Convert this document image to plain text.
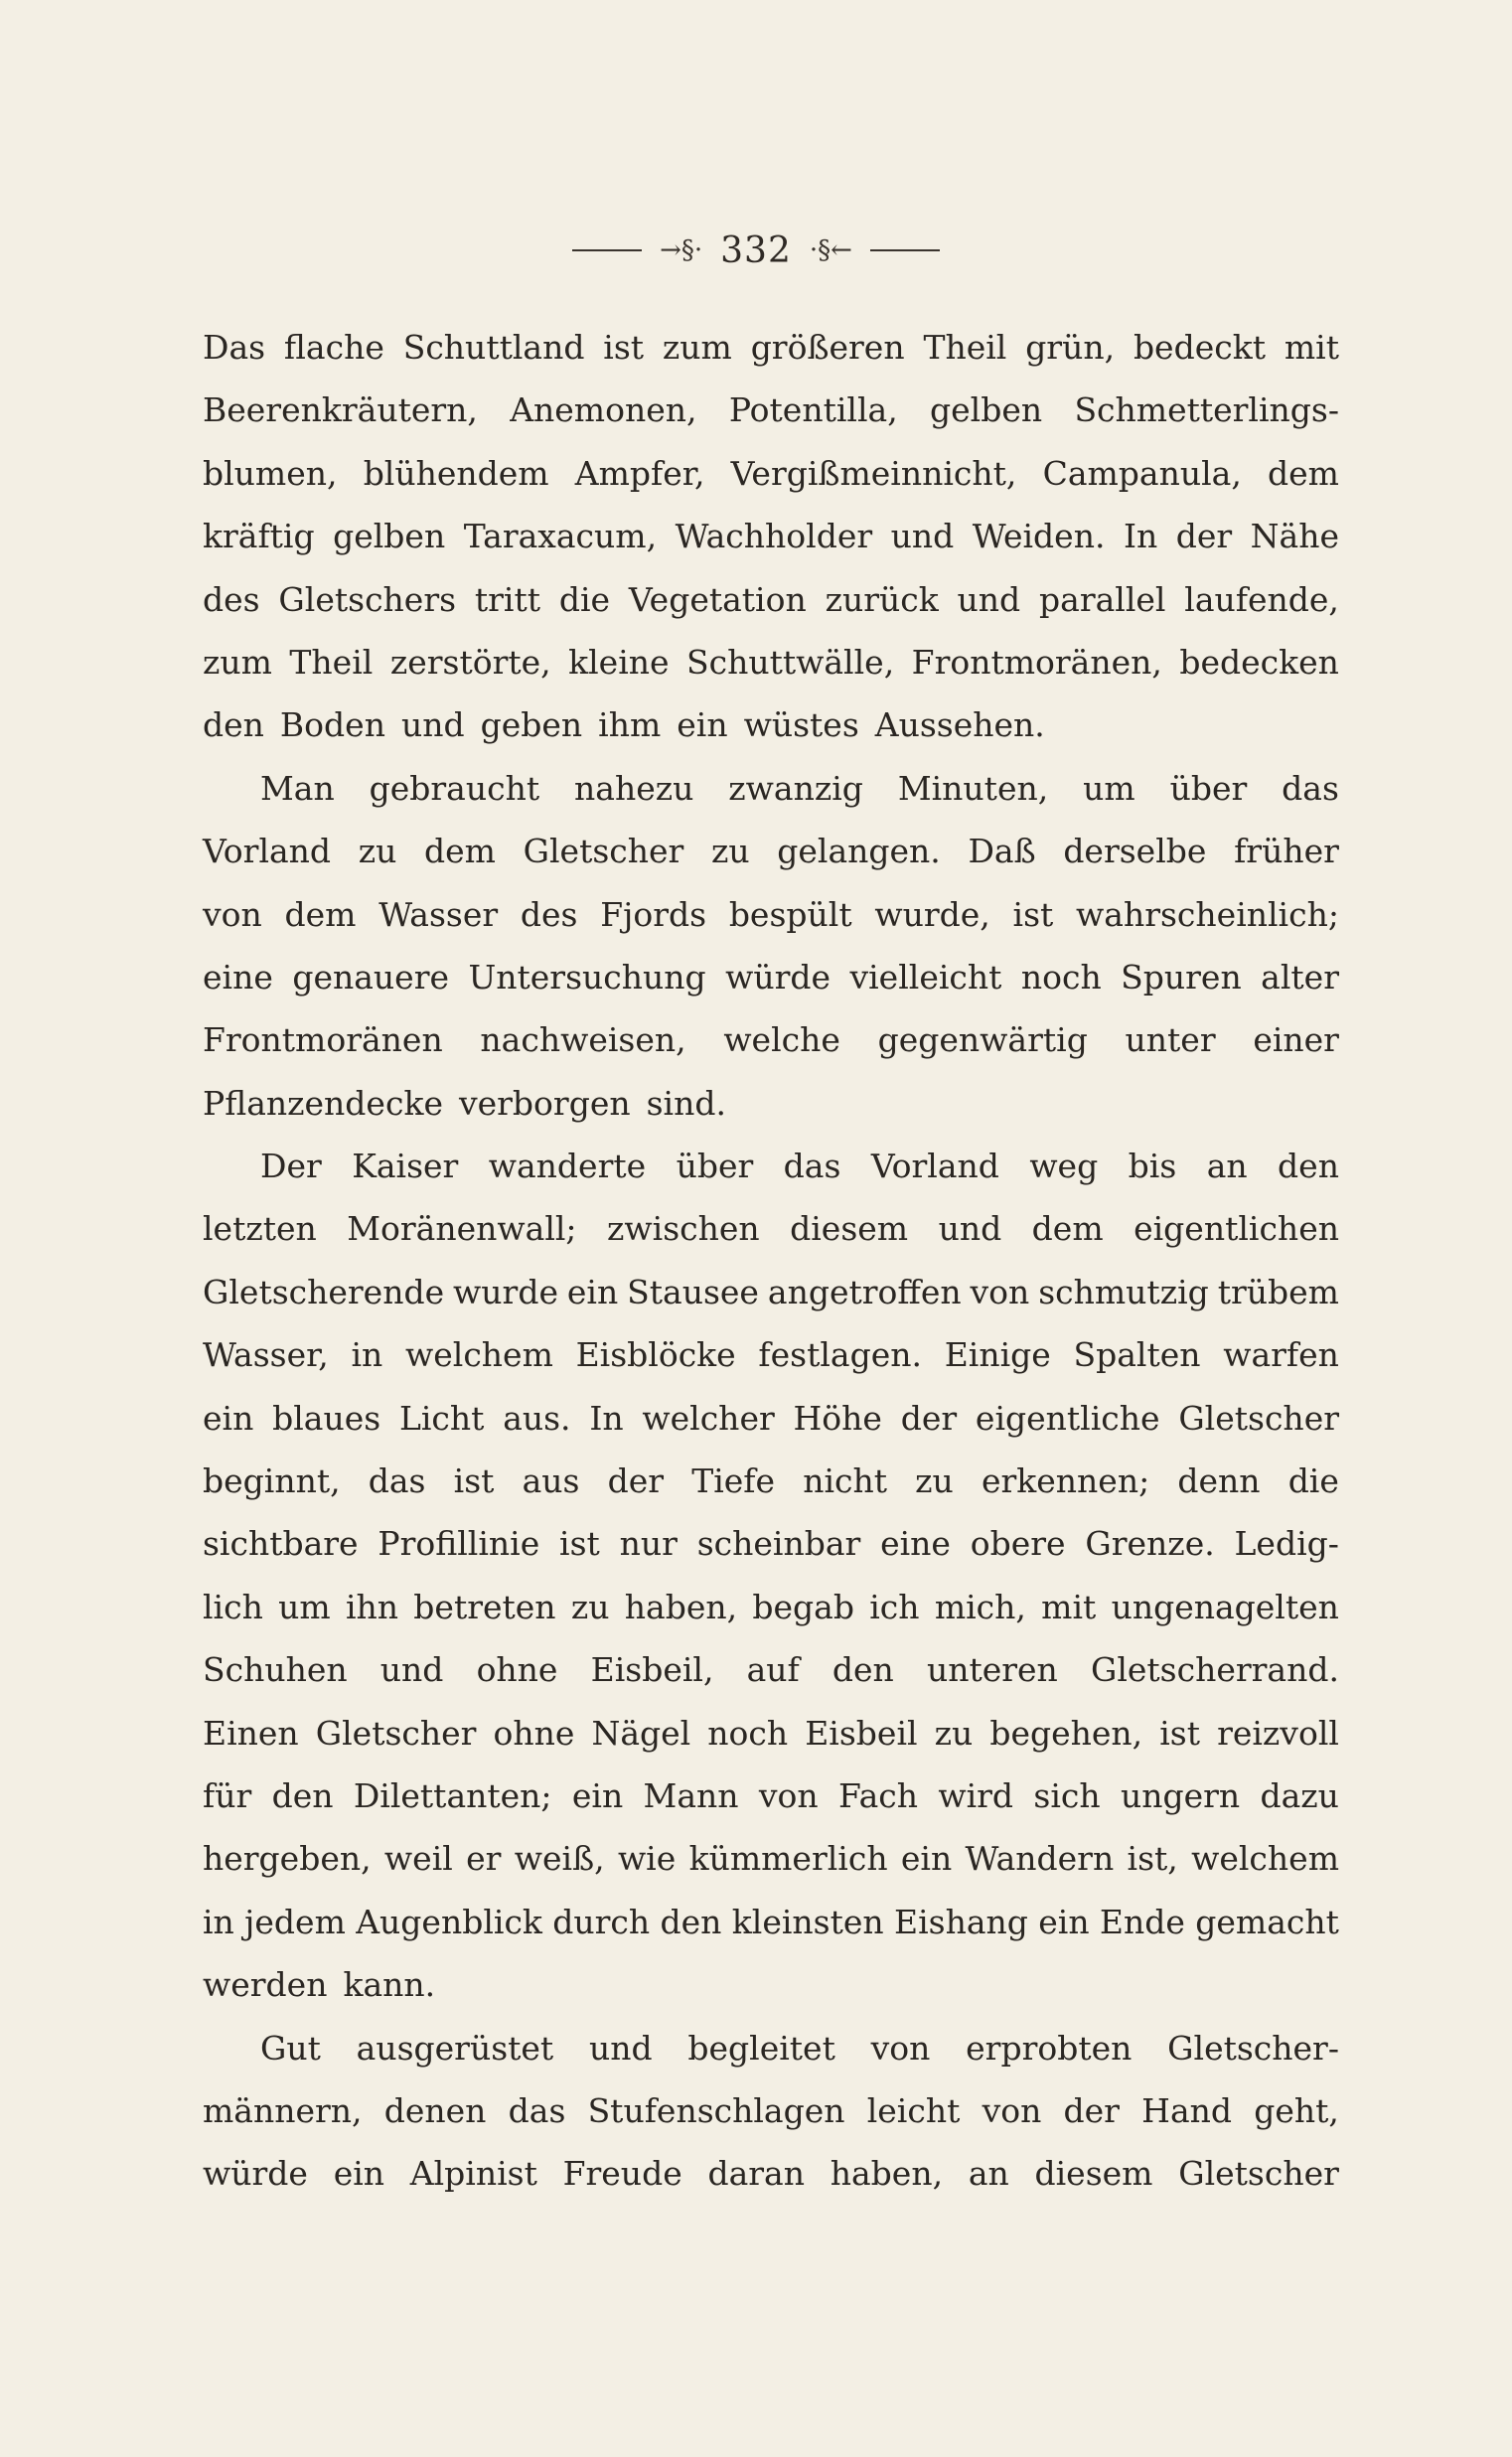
→§· 332 ·§←
Das flache Schuttland ist zum größeren Theil grün, bedeckt mit
Beerenkräutern, Anemonen, Potentilla, gelben Schmetterlings-
blumen, blühendem Ampfer, Vergißmeinnicht, Campanula, dem
kräftig gelben Taraxacum, Wachholder und Weiden. In der Nähe
des Gletschers tritt die Vegetation zurück und parallel laufende,
zum Theil zerstörte, kleine Schuttwälle, Frontmoränen, bedecken
den Boden und geben ihm ein wüstes Aussehen.
Man gebraucht nahezu zwanzig Minuten, um über das
Vorland zu dem Gletscher zu gelangen. Daß derselbe früher
von dem Wasser des Fjords bespült wurde, ist wahrscheinlich;
eine genauere Untersuchung würde vielleicht noch Spuren alter
Frontmoränen nachweisen, welche gegenwärtig unter einer
Pflanzendecke verborgen sind.
Der Kaiser wanderte über das Vorland weg bis an den
letzten Moränenwall; zwischen diesem und dem eigentlichen
Gletscherende wurde ein Stausee angetroffen von schmutzig trübem
Wasser, in welchem Eisblöcke festlagen. Einige Spalten warfen
ein blaues Licht aus. In welcher Höhe der eigentliche Gletscher
beginnt, das ist aus der Tiefe nicht zu erkennen; denn die
sichtbare Profillinie ist nur scheinbar eine obere Grenze. Ledig-
lich um ihn betreten zu haben, begab ich mich, mit ungenagelten
Schuhen und ohne Eisbeil, auf den unteren Gletscherrand.
Einen Gletscher ohne Nägel noch Eisbeil zu begehen, ist reizvoll
für den Dilettanten; ein Mann von Fach wird sich ungern dazu
hergeben, weil er weiß, wie kümmerlich ein Wandern ist, welchem
in jedem Augenblick durch den kleinsten Eishang ein Ende gemacht
werden kann.
Gut ausgerüstet und begleitet von erprobten Gletscher-
männern, denen das Stufenschlagen leicht von der Hand geht,
würde ein Alpinist Freude daran haben, an diesem Gletscher
